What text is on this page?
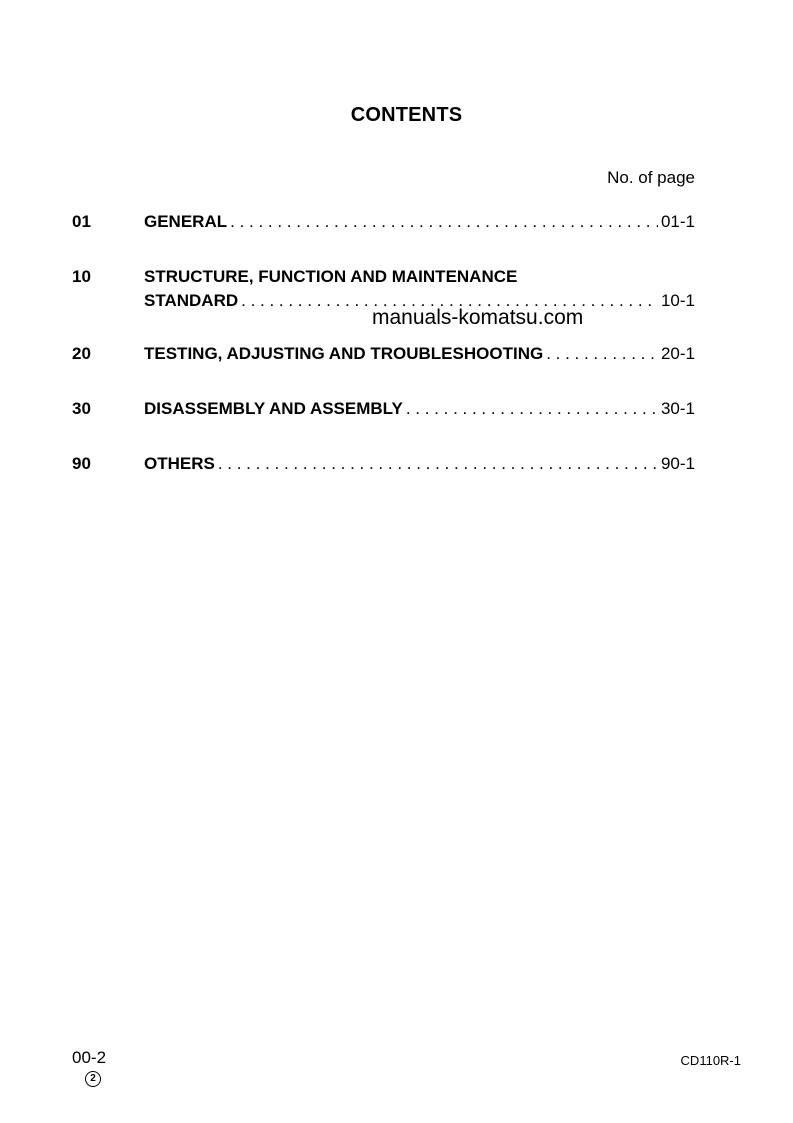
CONTENTS
No. of page
01	GENERAL . . .	01-1
10	STRUCTURE, FUNCTION AND MAINTENANCE
STANDARD . . .	10-1
20	TESTING, ADJUSTING AND TROUBLESHOOTING . . .	20-1
30	DISASSEMBLY AND ASSEMBLY . . .	30-1
90	OTHERS . . .	90-1
manuals-komatsu.com
00-2
2
CD110R-1
